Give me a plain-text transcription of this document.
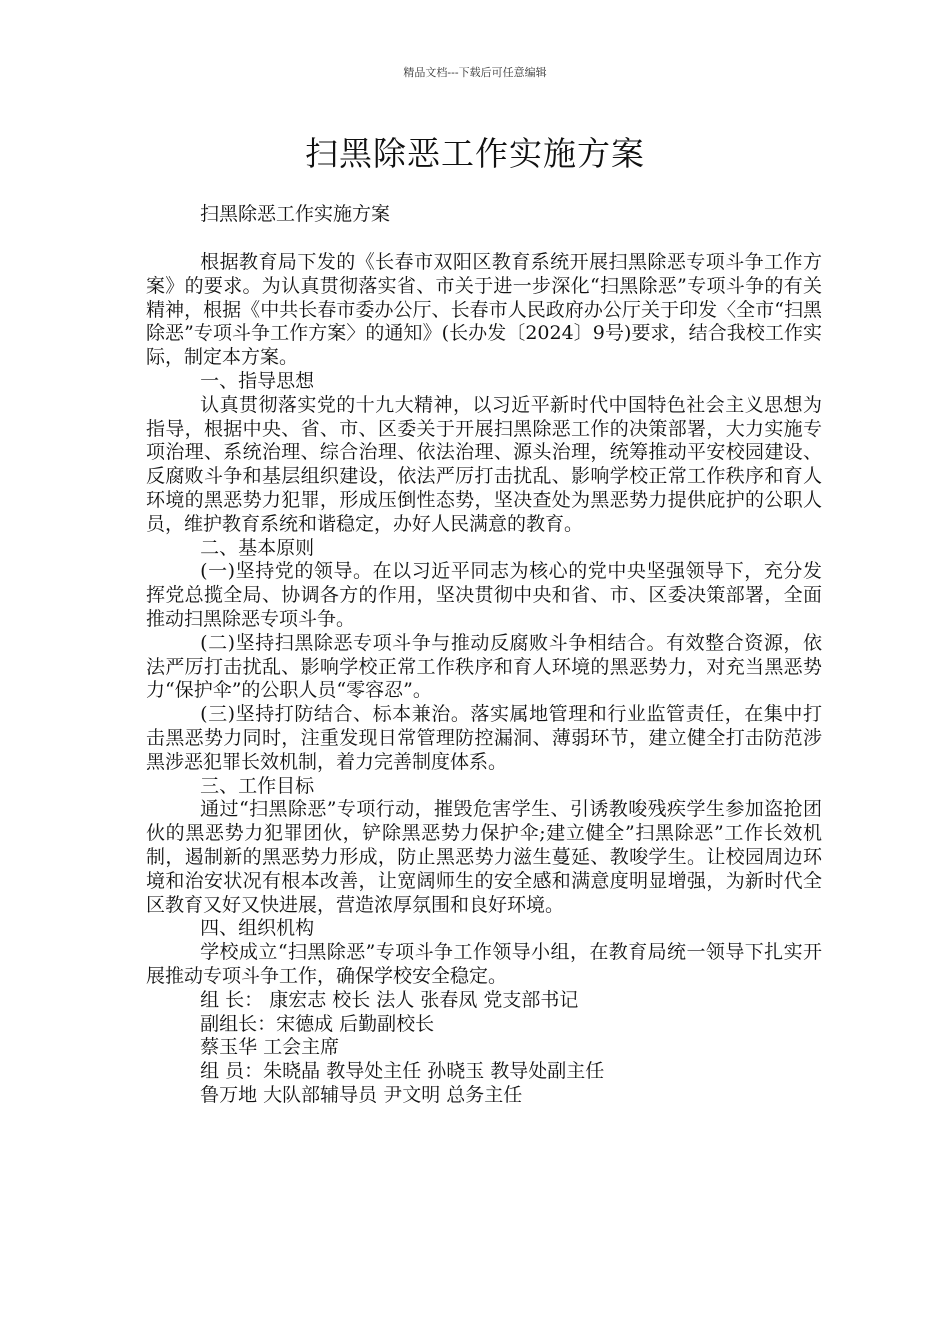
精品文档---下载后可任意编辑
扫黑除恶工作实施方案

扫黑除恶工作实施方案

根据教育局下发的《长春市双阳区教育系统开展扫黑除恶专项斗争工作方案》的要求。为认真贯彻落实省、市关于进一步深化“扫黑除恶”专项斗争的有关精神，根据《中共长春市委办公厅、长春市人民政府办公厅关于印发〈全市“扫黑除恶”专项斗争工作方案〉的通知》(长办发〔2024〕9号)要求，结合我校工作实际，制定本方案。

一、指导思想

认真贯彻落实党的十九大精神，以习近平新时代中国特色社会主义思想为指导，根据中央、省、市、区委关于开展扫黑除恶工作的决策部署，大力实施专项治理、系统治理、综合治理、依法治理、源头治理，统筹推动平安校园建设、反腐败斗争和基层组织建设，依法严厉打击扰乱、影响学校正常工作秩序和育人环境的黑恶势力犯罪，形成压倒性态势，坚决查处为黑恶势力提供庇护的公职人员，维护教育系统和谐稳定，办好人民满意的教育。

二、基本原则

(一)坚持党的领导。在以习近平同志为核心的党中央坚强领导下，充分发挥党总揽全局、协调各方的作用，坚决贯彻中央和省、市、区委决策部署，全面推动扫黑除恶专项斗争。

(二)坚持扫黑除恶专项斗争与推动反腐败斗争相结合。有效整合资源，依法严厉打击扰乱、影响学校正常工作秩序和育人环境的黑恶势力，对充当黑恶势力“保护伞”的公职人员“零容忍”。

(三)坚持打防结合、标本兼治。落实属地管理和行业监管责任，在集中打击黑恶势力同时，注重发现日常管理防控漏洞、薄弱环节，建立健全打击防范涉黑涉恶犯罪长效机制，着力完善制度体系。

三、工作目标

通过“扫黑除恶”专项行动，摧毁危害学生、引诱教唆残疾学生参加盗抢团伙的黑恶势力犯罪团伙，铲除黑恶势力保护伞;建立健全”扫黑除恶”工作长效机制，遏制新的黑恶势力形成，防止黑恶势力滋生蔓延、教唆学生。让校园周边环境和治安状况有根本改善，让宽阔师生的安全感和满意度明显增强，为新时代全区教育又好又快进展，营造浓厚氛围和良好环境。

四、组织机构

学校成立“扫黑除恶”专项斗争工作领导小组，在教育局统一领导下扎实开展推动专项斗争工作，确保学校安全稳定。

组 长： 康宏志 校长 法人 张春凤 党支部书记

副组长：宋德成 后勤副校长

蔡玉华 工会主席

组 员：朱晓晶 教导处主任 孙晓玉 教导处副主任

鲁万地 大队部辅导员 尹文明 总务主任
